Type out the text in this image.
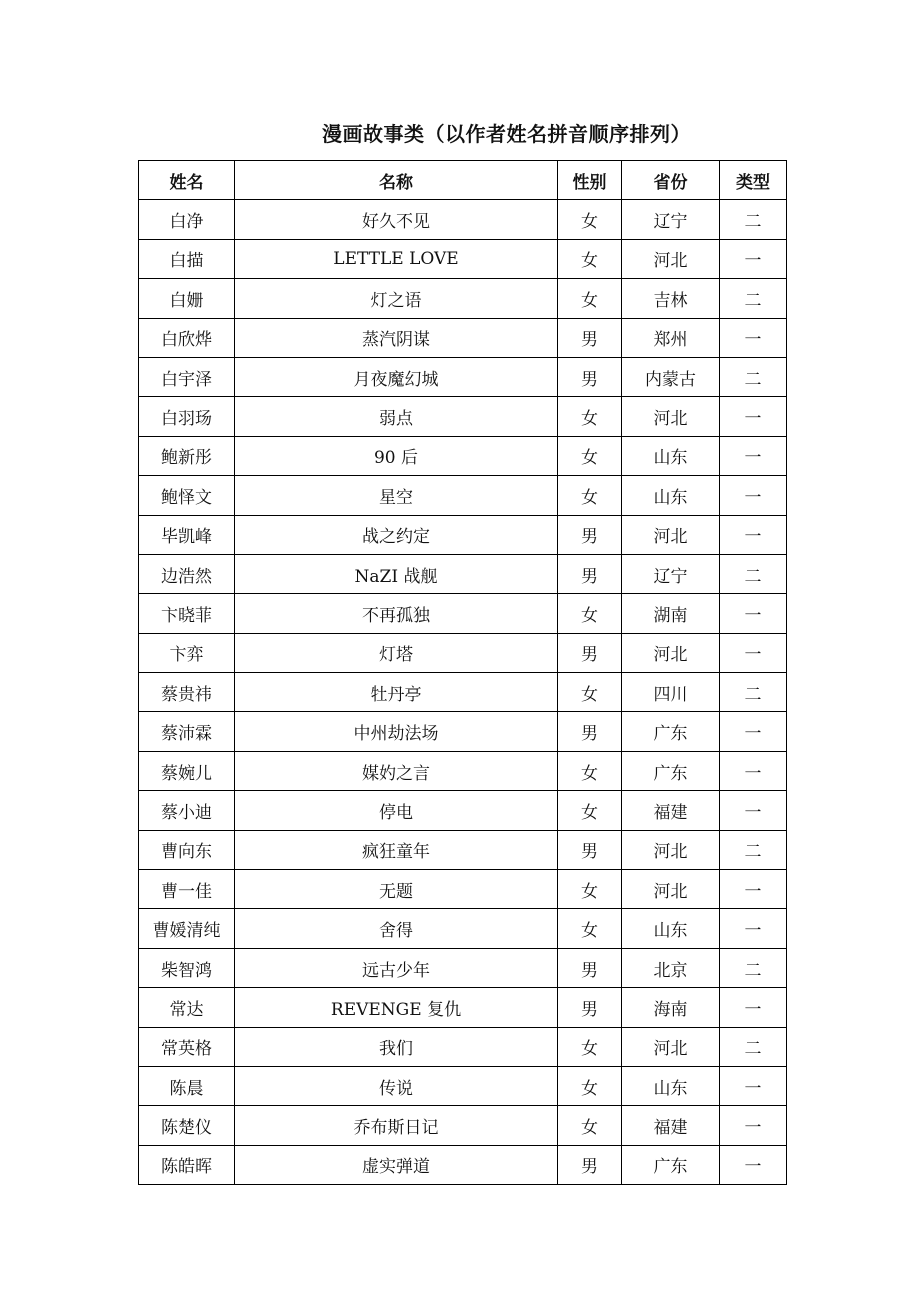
漫画故事类（以作者姓名拼音顺序排列）
姓名	名称	性别	省份	类型
白净	好久不见	女	辽宁	二
白描	LETTLE LOVE	女	河北	一
白姗	灯之语	女	吉林	二
白欣烨	蒸汽阴谋	男	郑州	一
白宇泽	月夜魔幻城	男	内蒙古	二
白羽玚	弱点	女	河北	一
鲍新彤	90 后	女	山东	一
鲍怿文	星空	女	山东	一
毕凯峰	战之约定	男	河北	一
边浩然	NaZI 战舰	男	辽宁	二
卞晓菲	不再孤独	女	湖南	一
卞弈	灯塔	男	河北	一
蔡贵祎	牡丹亭	女	四川	二
蔡沛霖	中州劫法场	男	广东	一
蔡婉儿	媒妁之言	女	广东	一
蔡小迪	停电	女	福建	一
曹向东	疯狂童年	男	河北	二
曹一佳	无题	女	河北	一
曹媛清纯	舍得	女	山东	一
柴智鸿	远古少年	男	北京	二
常达	REVENGE 复仇	男	海南	一
常英格	我们	女	河北	二
陈晨	传说	女	山东	一
陈楚仪	乔布斯日记	女	福建	一
陈皓晖	虚实弹道	男	广东	一
